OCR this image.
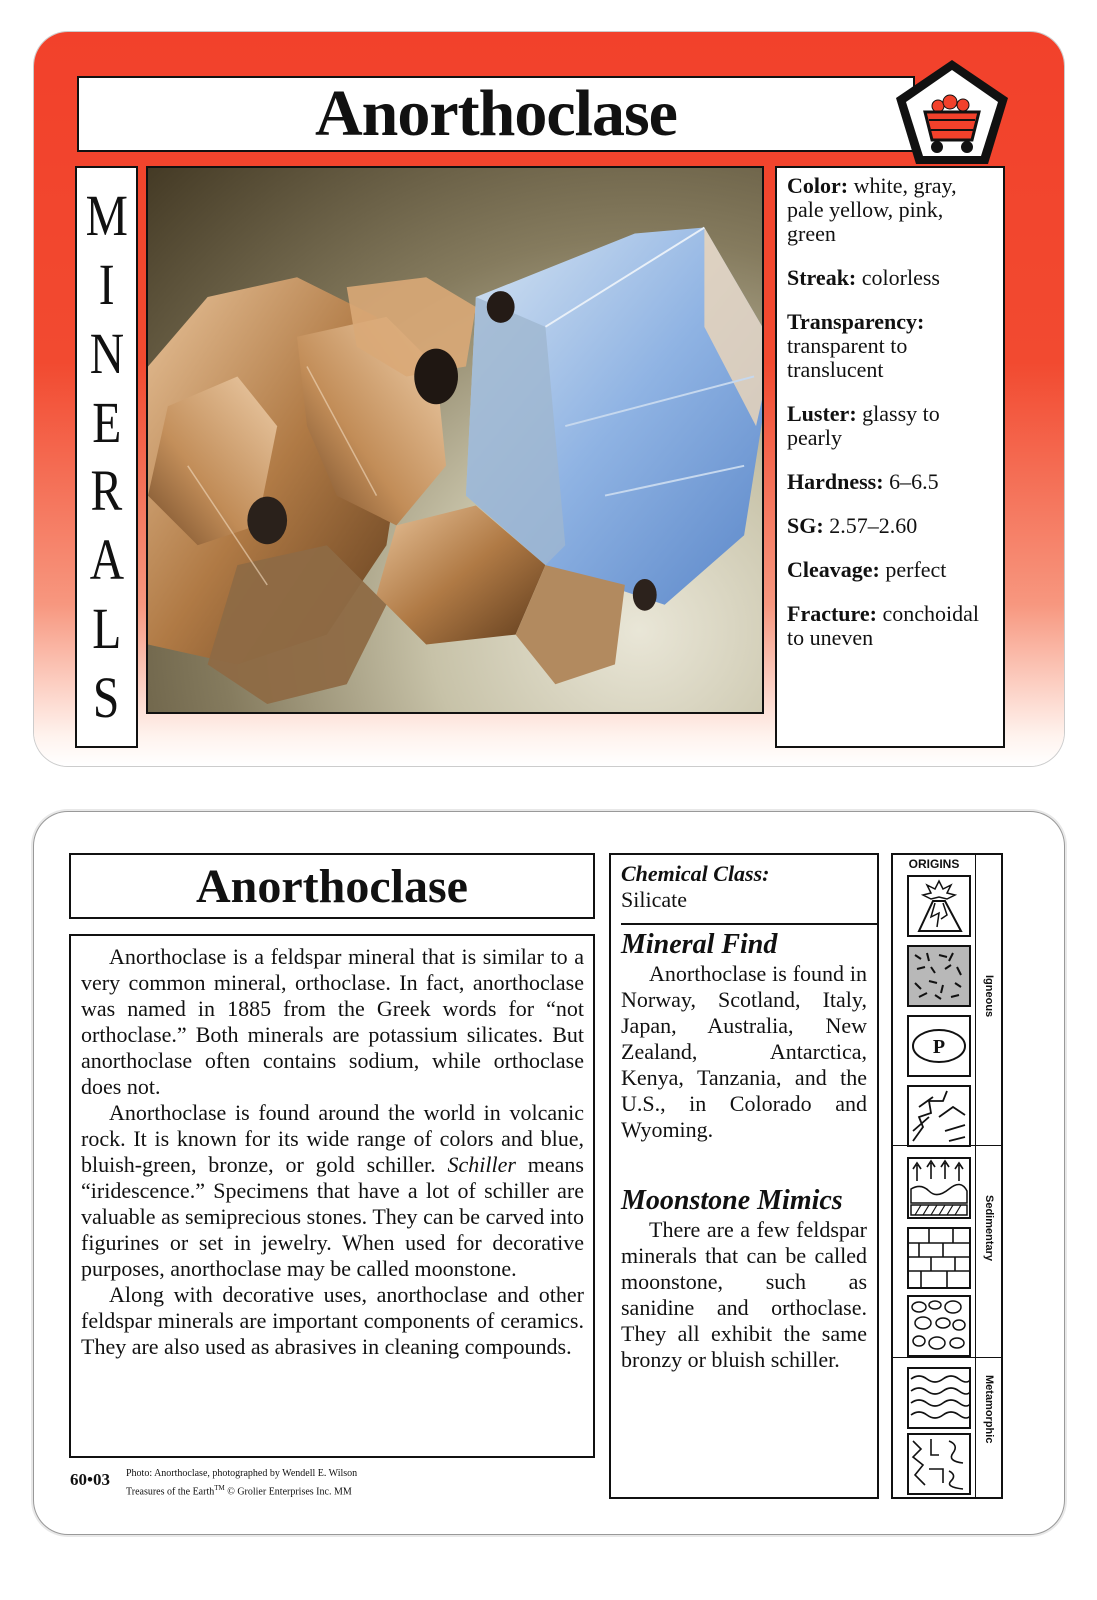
Anorthoclase
M
I
N
E
R
A
L
S
Color: white, gray, pale yellow, pink, green
Streak: colorless
Transparency: transparent to translucent
Luster: glassy to pearly
Hardness: 6–6.5
SG: 2.57–2.60
Cleavage: perfect
Fracture: conchoidal to uneven
Anorthoclase

Anorthoclase is a feldspar mineral that is similar to a very common mineral, orthoclase. In fact, anorthoclase was named in 1885 from the Greek words for “not orthoclase.” Both minerals are potassium silicates. But anorthoclase often contains sodium, while orthoclase does not.

Anorthoclase is found around the world in volcanic rock. It is known for its wide range of colors and blue, bluish-green, bronze, or gold schiller. Schiller means “iridescence.” Specimens that have a lot of schiller are valuable as semiprecious stones. They can be carved into figurines or set in jewelry. When used for decorative purposes, anorthoclase may be called moonstone.

Along with decorative uses, anorthoclase and other feldspar minerals are important components of ceramics. They are also used as abrasives in cleaning compounds.

60•03 Photo: Anorthoclase, photographed by Wendell E. Wilson
Treasures of the Earth™ © Grolier Enterprises Inc. MM
Chemical Class:
Silicate
Mineral Find

Anorthoclase is found in Norway, Scotland, Italy, Japan, Australia, New Zealand, Antarctica, Kenya, Tanzania, and the U.S., in Colorado and Wyoming.

Moonstone Mimics

There are a few feldspar minerals that can be called moonstone, such as sanidine and orthoclase. They all exhibit the same bronzy or bluish schiller.

ORIGINS
P
Igneous
Sedimentary
Metamorphic
